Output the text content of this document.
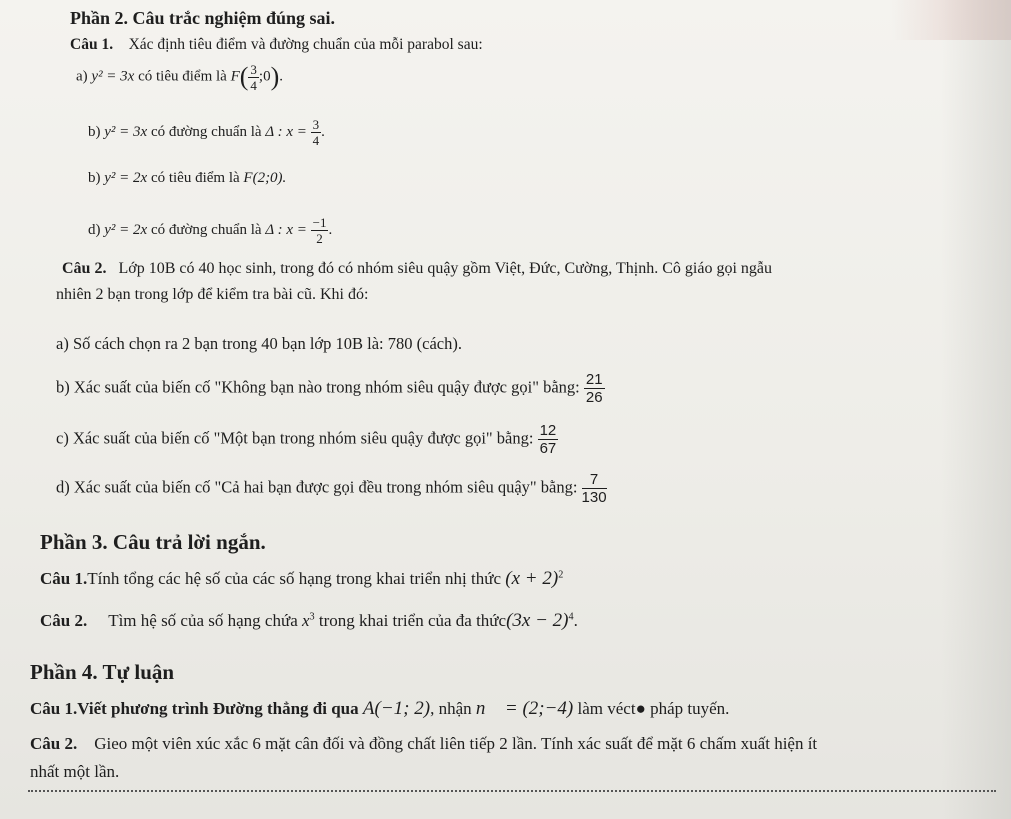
Phần 2. Câu trắc nghiệm đúng sai.
Câu 1. Xác định tiêu điểm và đường chuẩn của mỗi parabol sau:
a) y² = 3x có tiêu điểm là $F( \frac{3}{4}$ ;0).
b) y² = 3x có đường chuẩn là Δ : $x = \frac{3}{4}$ .
b) y² = 2x có tiêu điểm là F(2;0).
d) y² = 2x có đường chuẩn là Δ : $x = \frac{-1}{2}$ .
Câu 2. Lớp 10B có 40 học sinh, trong đó có nhóm siêu quậy gồm Việt, Đức, Cường, Thịnh. Cô giáo gọi ngẫu
nhiên 2 bạn trong lớp để kiểm tra bài cũ. Khi đó:
a) Số cách chọn ra 2 bạn trong 40 bạn lớp 10B là: 780 (cách).
b) Xác suất của biến cố "Không bạn nào trong nhóm siêu quậy được gọi" bằng: $\frac{21}{26}$
c) Xác suất của biến cố "Một bạn trong nhóm siêu quậy được gọi" bằng: $\frac{12}{67}$
d) Xác suất của biến cố "Cả hai bạn được gọi đều trong nhóm siêu quậy" bằng: $\frac{7}{130}$
Phần 3. Câu trả lời ngắn.
Câu 1.Tính tổng các hệ số của các số hạng trong khai triển nhị thức $(x + 2)^2$
Câu 2. Tìm hệ số của số hạng chứa $x^3$ trong khai triển của đa thức(3x − 2)$^4$.
Phần 4. Tự luận
Câu 1.Viết phương trình Đường thẳng đi qua A(−1; 2), nhận n⃗ = (2;−4) làm véct● pháp tuyến.
Câu 2. Gieo một viên xúc xắc 6 mặt cân đối và đồng chất liên tiếp 2 lần. Tính xác suất để mặt 6 chấm xuất hiện ít
nhất một lần.
